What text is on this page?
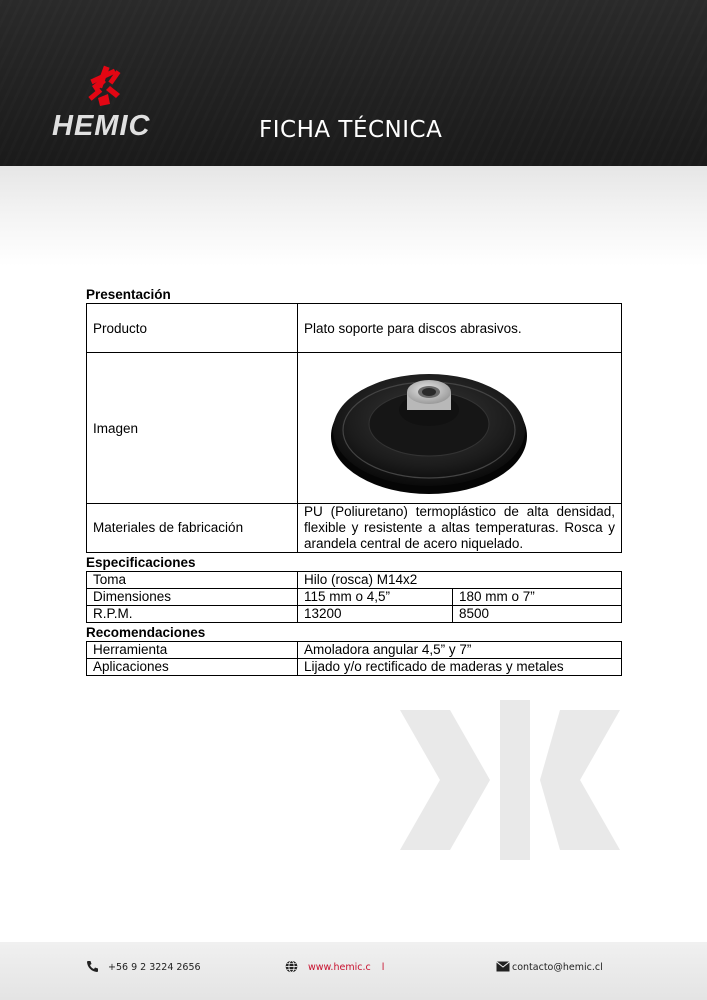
HEMIC	FICHA TÉCNICA
Presentación
Producto	Plato soporte para discos abrasivos.
Imagen	

Materiales de fabricación	PU (Poliuretano) termoplástico de alta densidad, flexible y resistente a altas temperaturas. Rosca y arandela central de acero niquelado.
Especificaciones
Toma	Hilo (rosca) M14x2	
Dimensiones	115 mm o 4,5”	180 mm o 7”
R.P.M.	13200	8500
Recomendaciones
Herramienta	Amoladora angular 4,5” y 7”
Aplicaciones	Lijado y/o rectificado de maderas y metales
+56 9 2 3224 2656	www.hemic.c l	contacto@hemic.cl
